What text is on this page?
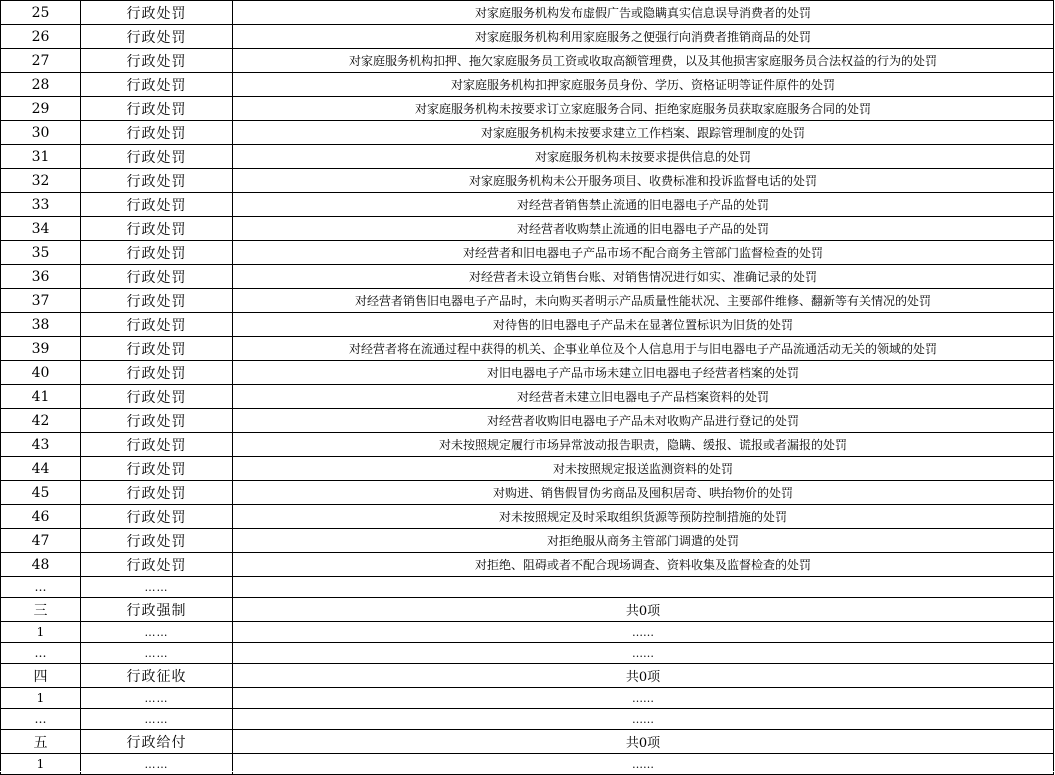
25	行政处罚	对家庭服务机构发布虚假广告或隐瞒真实信息误导消费者的处罚
26	行政处罚	对家庭服务机构利用家庭服务之便强行向消费者推销商品的处罚
27	行政处罚	对家庭服务机构扣押、拖欠家庭服务员工资或收取高额管理费，以及其他损害家庭服务员合法权益的行为的处罚
28	行政处罚	对家庭服务机构扣押家庭服务员身份、学历、资格证明等证件原件的处罚
29	行政处罚	对家庭服务机构未按要求订立家庭服务合同、拒绝家庭服务员获取家庭服务合同的处罚
30	行政处罚	对家庭服务机构未按要求建立工作档案、跟踪管理制度的处罚
31	行政处罚	对家庭服务机构未按要求提供信息的处罚
32	行政处罚	对家庭服务机构未公开服务项目、收费标准和投诉监督电话的处罚
33	行政处罚	对经营者销售禁止流通的旧电器电子产品的处罚
34	行政处罚	对经营者收购禁止流通的旧电器电子产品的处罚
35	行政处罚	对经营者和旧电器电子产品市场不配合商务主管部门监督检查的处罚
36	行政处罚	对经营者未设立销售台账、对销售情况进行如实、准确记录的处罚
37	行政处罚	对经营者销售旧电器电子产品时，未向购买者明示产品质量性能状况、主要部件维修、翻新等有关情况的处罚
38	行政处罚	对待售的旧电器电子产品未在显著位置标识为旧货的处罚
39	行政处罚	对经营者将在流通过程中获得的机关、企事业单位及个人信息用于与旧电器电子产品流通活动无关的领域的处罚
40	行政处罚	对旧电器电子产品市场未建立旧电器电子经营者档案的处罚
41	行政处罚	对经营者未建立旧电器电子产品档案资料的处罚
42	行政处罚	对经营者收购旧电器电子产品未对收购产品进行登记的处罚
43	行政处罚	对未按照规定履行市场异常波动报告职责，隐瞒、缓报、谎报或者漏报的处罚
44	行政处罚	对未按照规定报送监测资料的处罚
45	行政处罚	对购进、销售假冒伪劣商品及囤积居奇、哄抬物价的处罚
46	行政处罚	对未按照规定及时采取组织货源等预防控制措施的处罚
47	行政处罚	对拒绝服从商务主管部门调遣的处罚
48	行政处罚	对拒绝、阻碍或者不配合现场调查、资料收集及监督检查的处罚
…	……	
三	行政强制	共0项
1	……	……
…	……	……
四	行政征收	共0项
1	……	……
…	……	……
五	行政给付	共0项
1	……	……
